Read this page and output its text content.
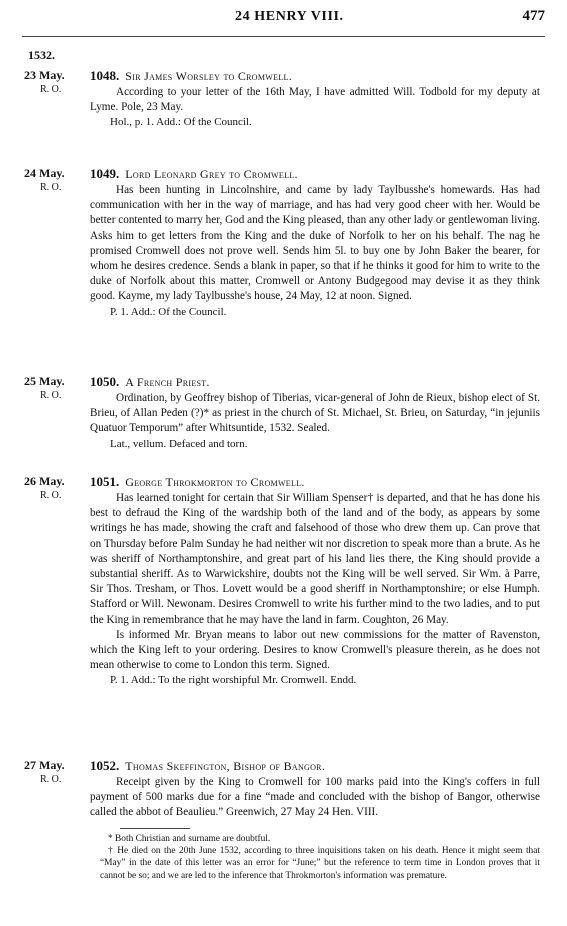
24 HENRY VIII.	477
1532.
23 May.
R. O.
1048. Sir James Worsley to Cromwell.

According to your letter of the 16th May, I have admitted Will. Todbold for my deputy at Lyme. Pole, 23 May.

Hol., p. 1. Add.: Of the Council.
24 May.
R. O.
1049. Lord Leonard Grey to Cromwell.

Has been hunting in Lincolnshire, and came by lady Taylbusshe's homewards. Has had communication with her in the way of marriage, and has had very good cheer with her. Would be better contented to marry her, God and the King pleased, than any other lady or gentlewoman living. Asks him to get letters from the King and the duke of Norfolk to her on his behalf. The nag he promised Cromwell does not prove well. Sends him 5l. to buy one by John Baker the bearer, for whom he desires credence. Sends a blank in paper, so that if he thinks it good for him to write to the duke of Norfolk about this matter, Cromwell or Antony Budgegood may devise it as they think good. Kayme, my lady Taylbusshe's house, 24 May, 12 at noon. Signed.

P. 1. Add.: Of the Council.
25 May.
R. O.
1050. A French Priest.

Ordination, by Geoffrey bishop of Tiberias, vicar-general of John de Rieux, bishop elect of St. Brieu, of Allan Peden (?)* as priest in the church of St. Michael, St. Brieu, on Saturday, “in jejuniis Quatuor Temporum” after Whitsuntide, 1532. Sealed.

Lat., vellum. Defaced and torn.
26 May.
R. O.
1051. George Throkmorton to Cromwell.

Has learned tonight for certain that Sir William Spenser† is departed, and that he has done his best to defraud the King of the wardship both of the land and of the body, as appears by some writings he has made, showing the craft and falsehood of those who drew them up. Can prove that on Thursday before Palm Sunday he had neither wit nor discretion to speak more than a brute. As he was sheriff of Northamptonshire, and great part of his land lies there, the King should provide a substantial sheriff. As to Warwickshire, doubts not the King will be well served. Sir Wm. à Parre, Sir Thos. Tresham, or Thos. Lovett would be a good sheriff in Northamptonshire; or else Humph. Stafford or Will. Newonam. Desires Cromwell to write his further mind to the two ladies, and to put the King in remembrance that he may have the land in farm. Coughton, 26 May.

Is informed Mr. Bryan means to labor out new commissions for the matter of Ravenston, which the King left to your ordering. Desires to know Cromwell's pleasure therein, as he does not mean otherwise to come to London this term. Signed.

P. 1. Add.: To the right worshipful Mr. Cromwell. Endd.
27 May.
R. O.
1052. Thomas Skeffington, Bishop of Bangor.

Receipt given by the King to Cromwell for 100 marks paid into the King's coffers in full payment of 500 marks due for a fine “made and concluded with the bishop of Bangor, otherwise called the abbot of Beaulieu.” Greenwich, 27 May 24 Hen. VIII.

* Both Christian and surname are doubtful.

† He died on the 20th June 1532, according to three inquisitions taken on his death. Hence it might seem that “May” in the date of this letter was an error for “June;” but the reference to term time in London proves that it cannot be so; and we are led to the inference that Throkmorton's information was premature.
